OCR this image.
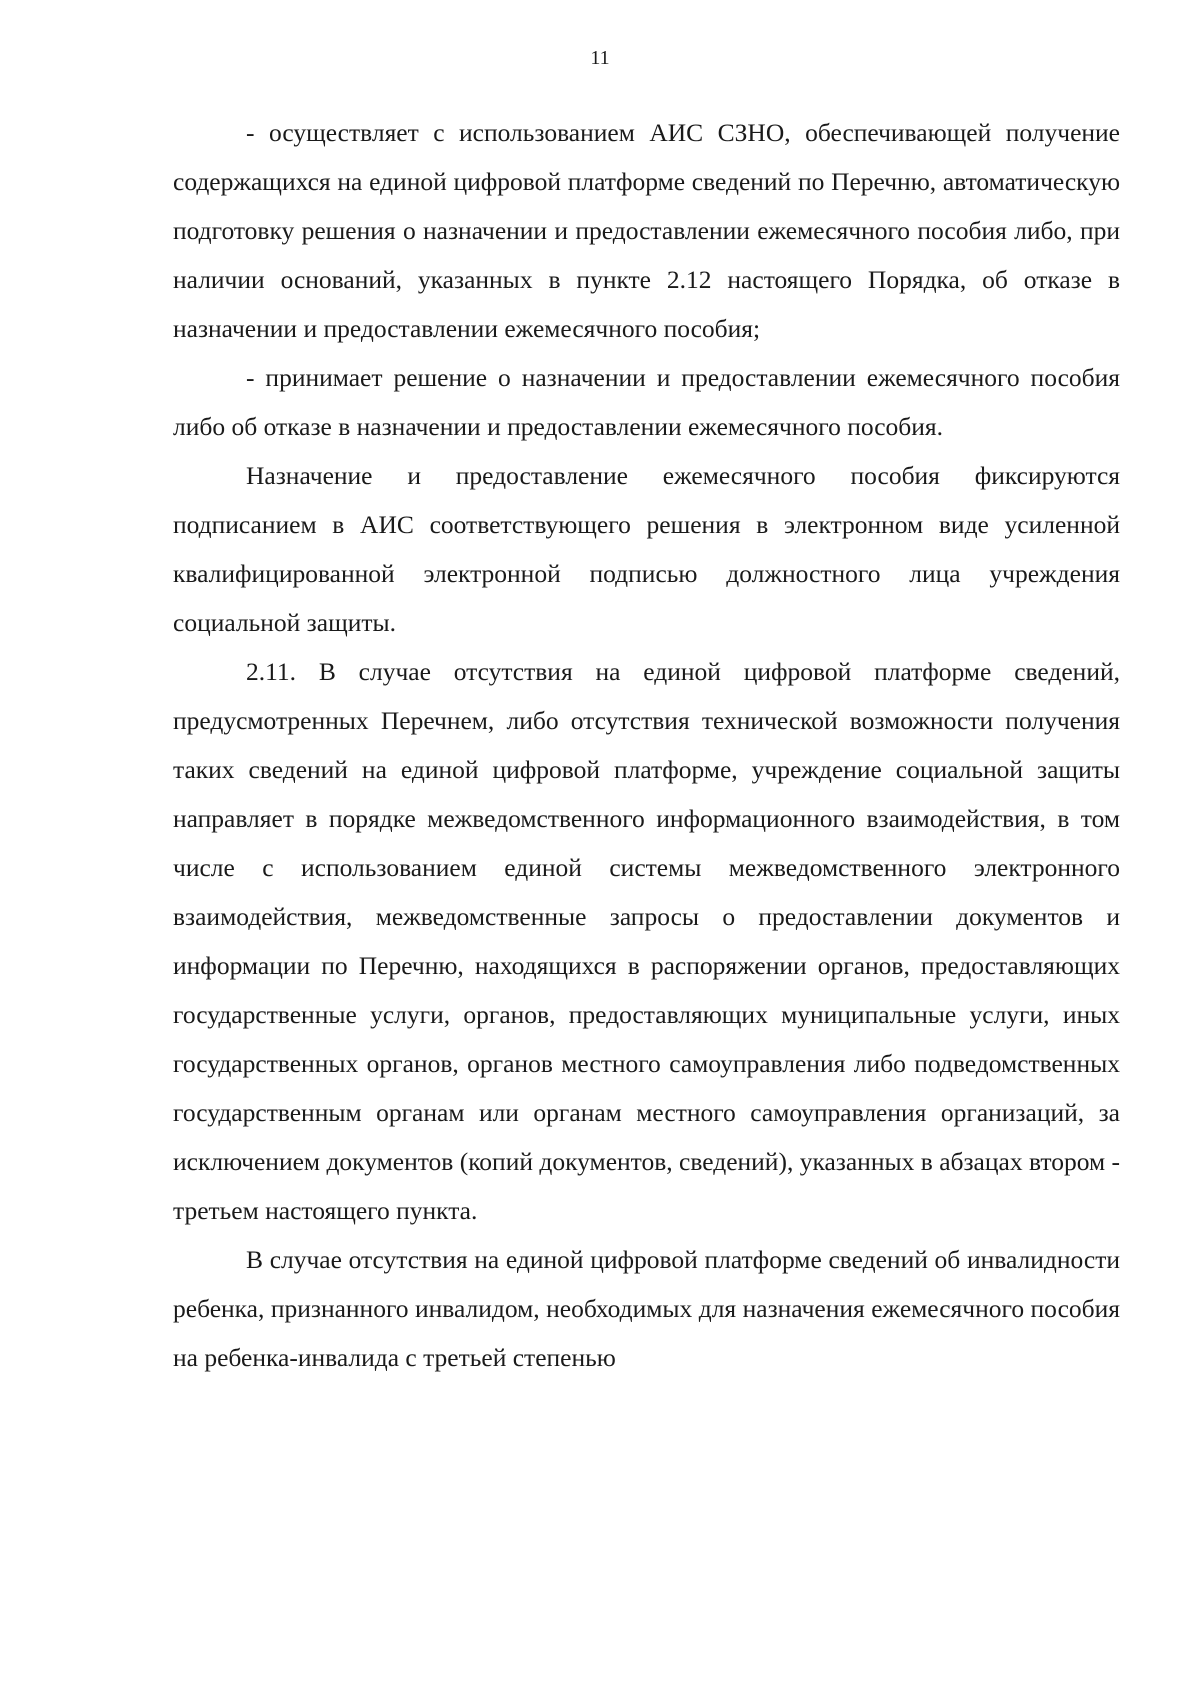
11

- осуществляет с использованием АИС СЗНО, обеспечивающей получение содержащихся на единой цифровой платформе сведений по Перечню, автоматическую подготовку решения о назначении и предоставлении ежемесячного пособия либо, при наличии оснований, указанных в пункте 2.12 настоящего Порядка, об отказе в назначении и предоставлении ежемесячного пособия;

- принимает решение о назначении и предоставлении ежемесячного пособия либо об отказе в назначении и предоставлении ежемесячного пособия.

Назначение и предоставление ежемесячного пособия фиксируются подписанием в АИС соответствующего решения в электронном виде усиленной квалифицированной электронной подписью должностного лица учреждения социальной защиты.

2.11. В случае отсутствия на единой цифровой платформе сведений, предусмотренных Перечнем, либо отсутствия технической возможности получения таких сведений на единой цифровой платформе, учреждение социальной защиты направляет в порядке межведомственного информационного взаимодействия, в том числе с использованием единой системы межведомственного электронного взаимодействия, межведомственные запросы о предоставлении документов и информации по Перечню, находящихся в распоряжении органов, предоставляющих государственные услуги, органов, предоставляющих муниципальные услуги, иных государственных органов, органов местного самоуправления либо подведомственных государственным органам или органам местного самоуправления организаций, за исключением документов (копий документов, сведений), указанных в абзацах втором - третьем настоящего пункта.

В случае отсутствия на единой цифровой платформе сведений об инвалидности ребенка, признанного инвалидом, необходимых для назначения ежемесячного пособия на ребенка-инвалида с третьей степенью
